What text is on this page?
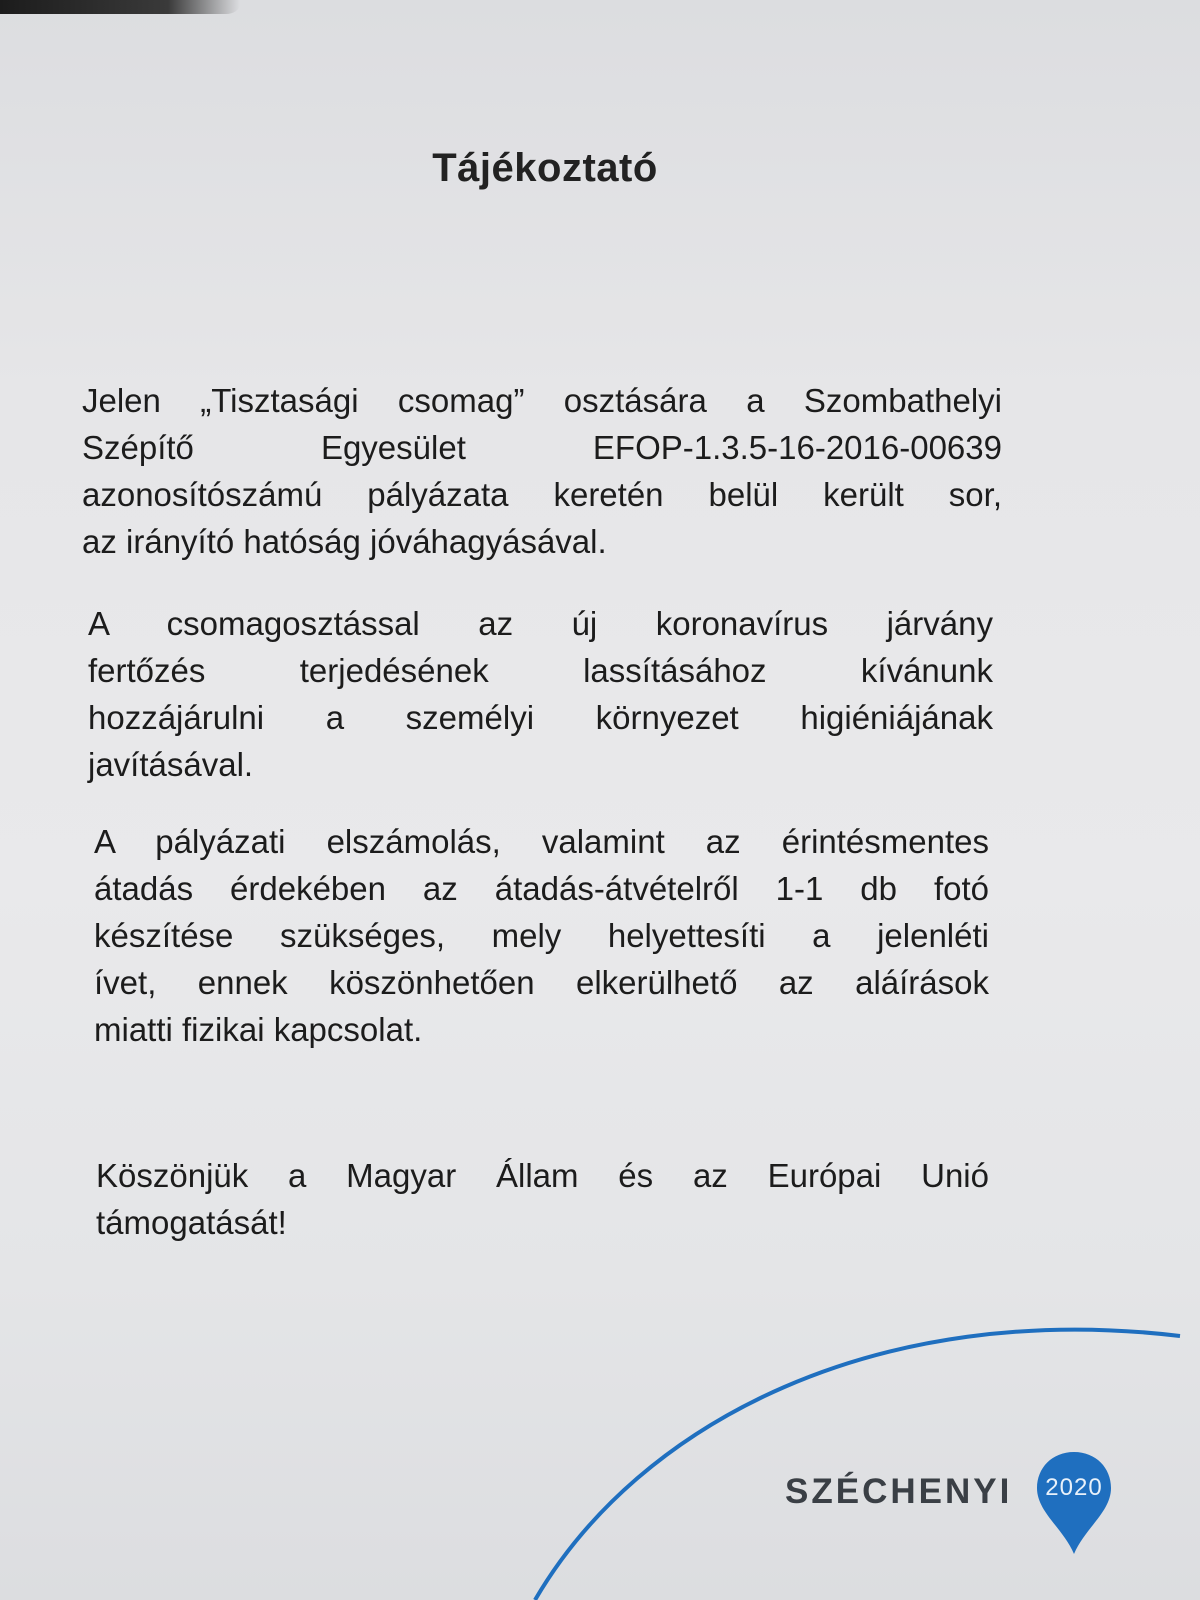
Tájékoztató
Jelen „Tisztasági csomag” osztására a Szombathelyi
Szépítő Egyesület EFOP-1.3.5-16-2016-00639
azonosítószámú pályázata keretén belül került sor,
az irányító hatóság jóváhagyásával.
A csomagosztással az új koronavírus járvány
fertőzés terjedésének lassításához kívánunk
hozzájárulni a személyi környezet higiéniájának
javításával.
A pályázati elszámolás, valamint az érintésmentes
átadás érdekében az átadás-átvételről 1-1 db fotó
készítése szükséges, mely helyettesíti a jelenléti
ívet, ennek köszönhetően elkerülhető az aláírások
miatti fizikai kapcsolat.
Köszönjük a Magyar Állam és az Európai Unió
támogatását!
SZÉCHENYI	2020
